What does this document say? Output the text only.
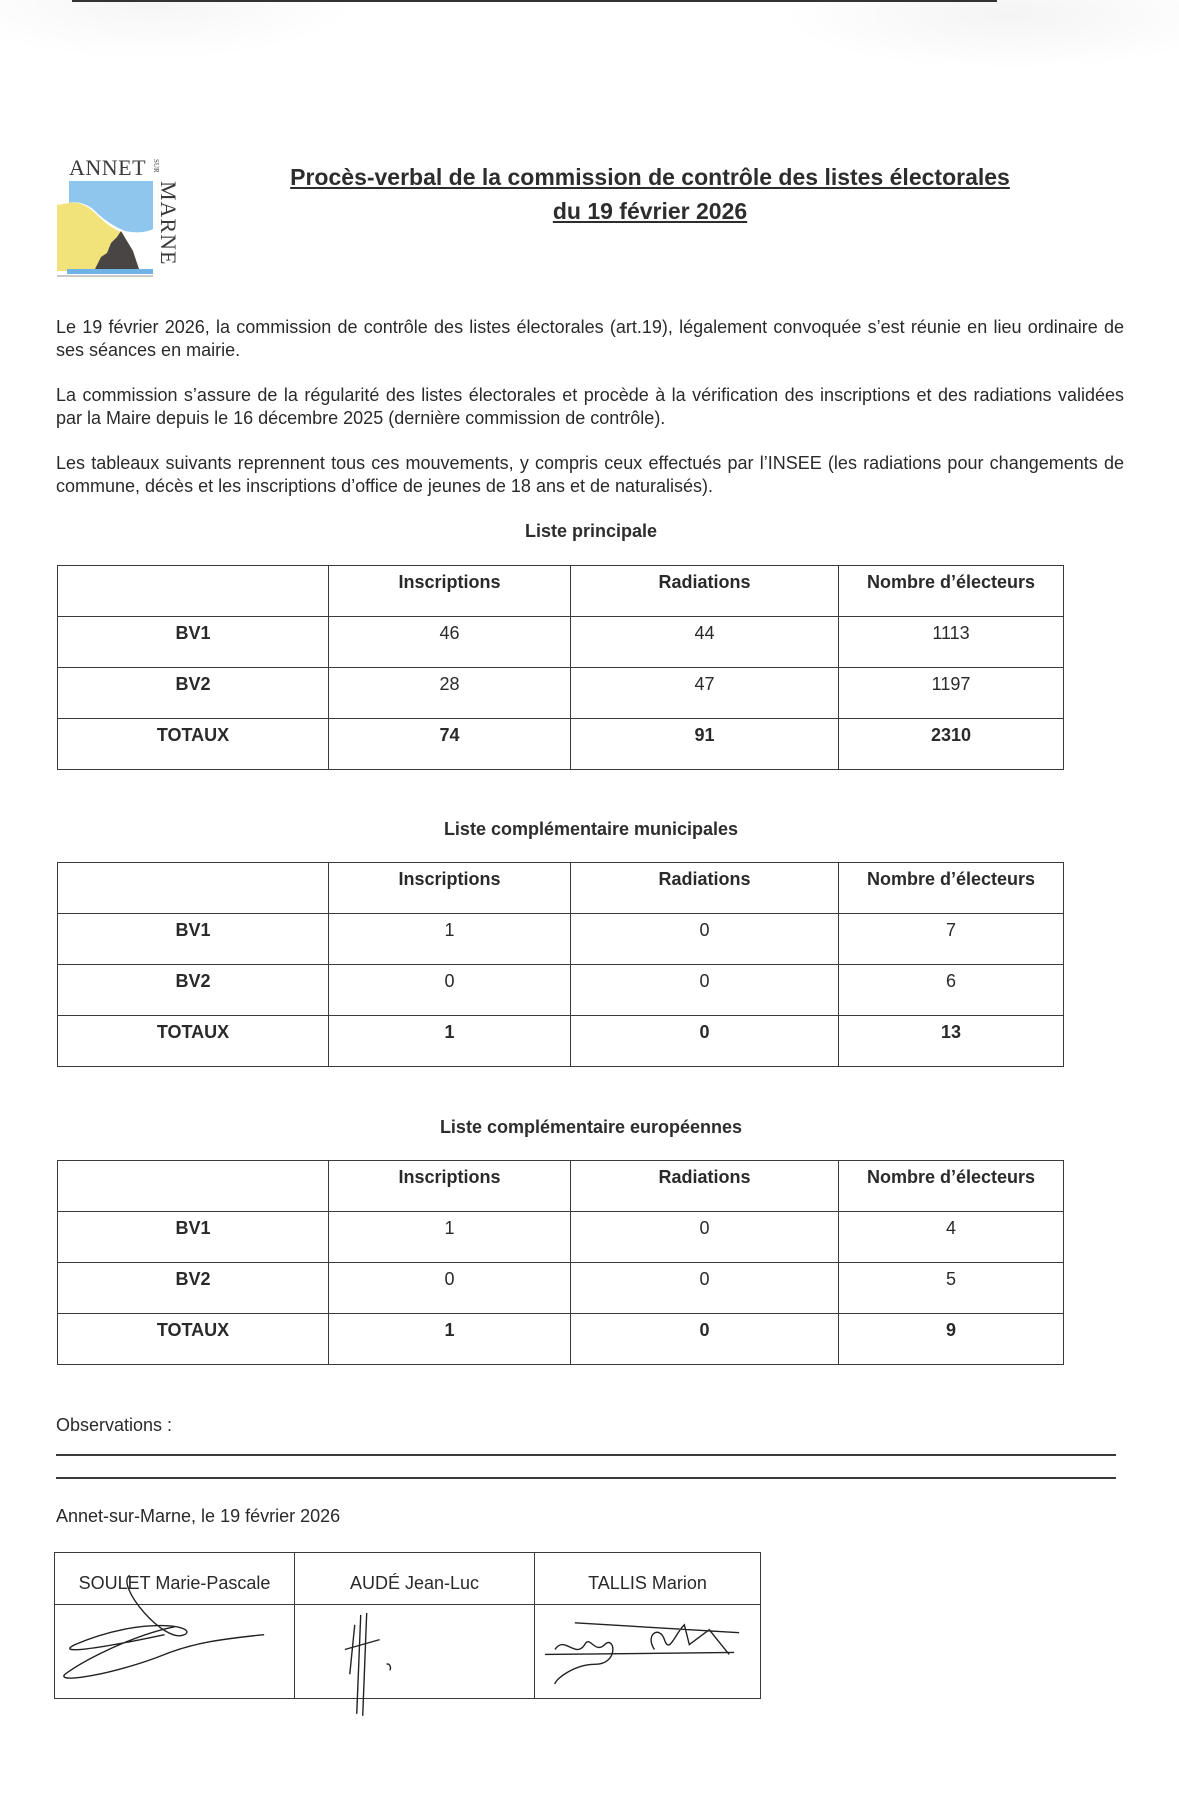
ANNET SUR
MARNE
Procès-verbal de la commission de contrôle des listes électorales
du 19 février 2026
Le 19 février 2026, la commission de contrôle des listes électorales (art.19), légalement convoquée s’est réunie en lieu ordinaire de ses séances en mairie.
La commission s’assure de la régularité des listes électorales et procède à la vérification des inscriptions et des radiations validées par la Maire depuis le 16 décembre 2025 (dernière commission de contrôle).
Les tableaux suivants reprennent tous ces mouvements, y compris ceux effectués par l’INSEE (les radiations pour changements de commune, décès et les inscriptions d’office de jeunes de 18 ans et de naturalisés).
Liste principale
	Inscriptions	Radiations	Nombre d’électeurs
BV1	46	44	1113
BV2	28	47	1197
TOTAUX	74	91	2310
Liste complémentaire municipales
	Inscriptions	Radiations	Nombre d’électeurs
BV1	1	0	7
BV2	0	0	6
TOTAUX	1	0	13
Liste complémentaire européennes
	Inscriptions	Radiations	Nombre d’électeurs
BV1	1	0	4
BV2	0	0	5
TOTAUX	1	0	9
Observations :
Annet-sur-Marne, le 19 février 2026
SOULET Marie-Pascale	AUDÉ Jean-Luc	TALLIS Marion
